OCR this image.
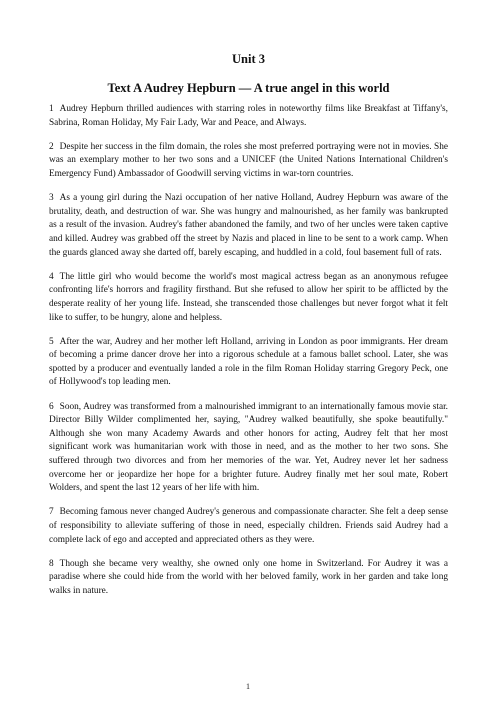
Unit 3
Text A Audrey Hepburn — A true angel in this world

1 Audrey Hepburn thrilled audiences with starring roles in noteworthy films like Breakfast at Tiffany's, Sabrina, Roman Holiday, My Fair Lady, War and Peace, and Always.

2 Despite her success in the film domain, the roles she most preferred portraying were not in movies. She was an exemplary mother to her two sons and a UNICEF (the United Nations International Children's Emergency Fund) Ambassador of Goodwill serving victims in war-torn countries.

3 As a young girl during the Nazi occupation of her native Holland, Audrey Hepburn was aware of the brutality, death, and destruction of war. She was hungry and malnourished, as her family was bankrupted as a result of the invasion. Audrey's father abandoned the family, and two of her uncles were taken captive and killed. Audrey was grabbed off the street by Nazis and placed in line to be sent to a work camp. When the guards glanced away she darted off, barely escaping, and huddled in a cold, foul basement full of rats.

4 The little girl who would become the world's most magical actress began as an anonymous refugee confronting life's horrors and fragility firsthand. But she refused to allow her spirit to be afflicted by the desperate reality of her young life. Instead, she transcended those challenges but never forgot what it felt like to suffer, to be hungry, alone and helpless.

5 After the war, Audrey and her mother left Holland, arriving in London as poor immigrants. Her dream of becoming a prime dancer drove her into a rigorous schedule at a famous ballet school. Later, she was spotted by a producer and eventually landed a role in the film Roman Holiday starring Gregory Peck, one of Hollywood's top leading men.

6 Soon, Audrey was transformed from a malnourished immigrant to an internationally famous movie star. Director Billy Wilder complimented her, saying, "Audrey walked beautifully, she spoke beautifully." Although she won many Academy Awards and other honors for acting, Audrey felt that her most significant work was humanitarian work with those in need, and as the mother to her two sons. She suffered through two divorces and from her memories of the war. Yet, Audrey never let her sadness overcome her or jeopardize her hope for a brighter future. Audrey finally met her soul mate, Robert Wolders, and spent the last 12 years of her life with him.

7 Becoming famous never changed Audrey's generous and compassionate character. She felt a deep sense of responsibility to alleviate suffering of those in need, especially children. Friends said Audrey had a complete lack of ego and accepted and appreciated others as they were.

8 Though she became very wealthy, she owned only one home in Switzerland. For Audrey it was a paradise where she could hide from the world with her beloved family, work in her garden and take long walks in nature.

1
